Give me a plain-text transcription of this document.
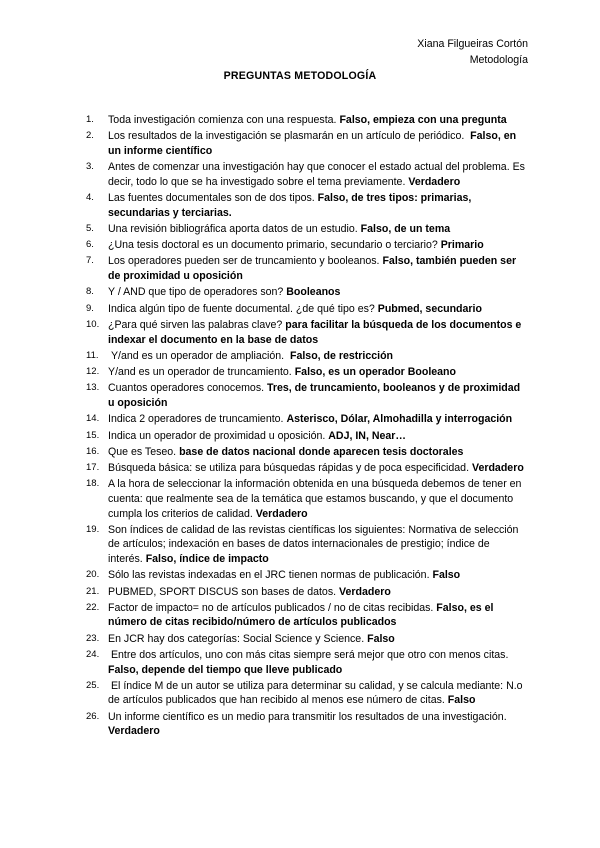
Xiana Filgueiras Cortón
Metodología
PREGUNTAS METODOLOGÍA
1.	Toda investigación comienza con una respuesta. Falso, empieza con una pregunta
2.	Los resultados de la investigación se plasmarán en un artículo de periódico.  Falso, en un informe científico
3.	Antes de comenzar una investigación hay que conocer el estado actual del problema. Es decir, todo lo que se ha investigado sobre el tema previamente. Verdadero
4.	Las fuentes documentales son de dos tipos. Falso, de tres tipos: primarias, secundarias y terciarias.
5.	Una revisión bibliográfica aporta datos de un estudio. Falso, de un tema
6.	¿Una tesis doctoral es un documento primario, secundario o terciario? Primario
7.	Los operadores pueden ser de truncamiento y booleanos. Falso, también pueden ser de proximidad u oposición
8.	Y / AND que tipo de operadores son? Booleanos
9.	Indica algún tipo de fuente documental. ¿de qué tipo es? Pubmed, secundario
10. ¿Para qué sirven las palabras clave? para facilitar la búsqueda de los documentos e indexar el documento en la base de datos
11. Y/and es un operador de ampliación.  Falso, de restricción
12. Y/and es un operador de truncamiento. Falso, es un operador Booleano
13. Cuantos operadores conocemos. Tres, de truncamiento, booleanos y de proximidad u oposición
14. Indica 2 operadores de truncamiento. Asterisco, Dólar, Almohadilla y interrogación
15. Indica un operador de proximidad u oposición. ADJ, IN, Near…
16. Que es Teseo. base de datos nacional donde aparecen tesis doctorales
17. Búsqueda básica: se utiliza para búsquedas rápidas y de poca especificidad. Verdadero
18. A la hora de seleccionar la información obtenida en una búsqueda debemos de tener en cuenta: que realmente sea de la temática que estamos buscando, y que el documento cumpla los criterios de calidad. Verdadero
19. Son índices de calidad de las revistas científicas los siguientes: Normativa de selección de artículos; indexación en bases de datos internacionales de prestigio; índice de interés. Falso, índice de impacto
20. Sólo las revistas indexadas en el JRC tienen normas de publicación. Falso
21. PUBMED, SPORT DISCUS son bases de datos. Verdadero
22. Factor de impacto= no de artículos publicados / no de citas recibidas. Falso, es el número de citas recibido/número de artículos publicados
23. En JCR hay dos categorías: Social Science y Science. Falso
24. Entre dos artículos, uno con más citas siempre será mejor que otro con menos citas. Falso, depende del tiempo que lleve publicado
25. El índice M de un autor se utiliza para determinar su calidad, y se calcula mediante: N.o de artículos publicados que han recibido al menos ese número de citas. Falso
26. Un informe científico es un medio para transmitir los resultados de una investigación. Verdadero
